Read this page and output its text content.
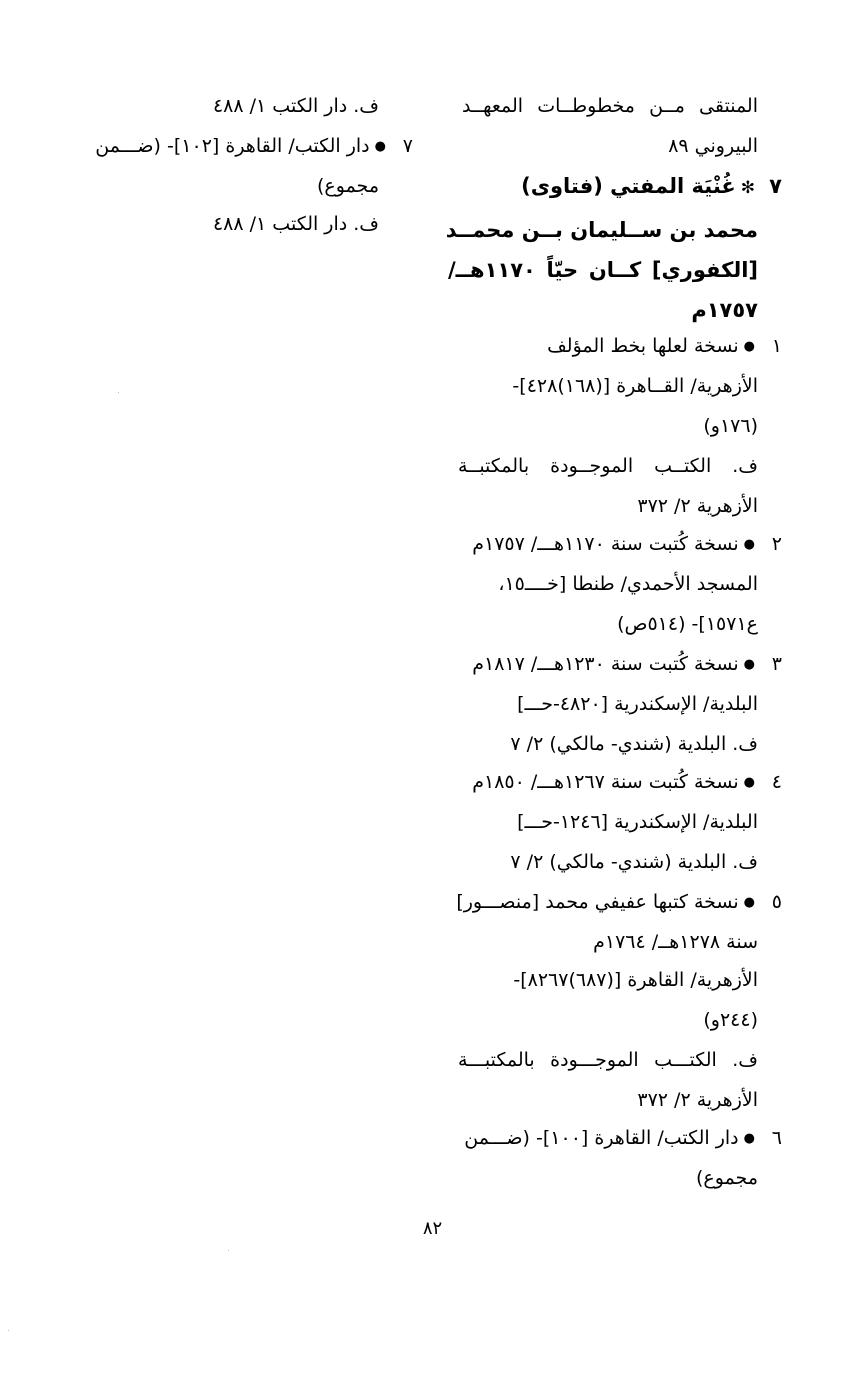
المنتقى مــن مخطوطــات المعهــد
البيروني ٨٩
٧✻غُنْيَة المفتي (فتاوى)
محمد بن ســليمان بــن محمــد
[الكفوري] كــان حيّاً ١١٧٠هــ/
١٧٥٧م
١●نسخة لعلها بخط المؤلف
الأزهرية/ القــاهرة [(١٦٨)٤٢٨]-
(١٧٦و)
ف. الكتــب الموجــودة بالمكتبــة
الأزهرية ٢/ ٣٧٢
٢●نسخة كُتبت سنة ١١٧٠هـــ/ ١٧٥٧م
المسجد الأحمدي/ طنطا [خــــ١٥،
ع١٥٧١]- (٥١٤ص)
٣●نسخة كُتبت سنة ١٢٣٠هـــ/ ١٨١٧م
البلدية/ الإسكندرية [٤٨٢٠-حـــ]
ف. البلدية (شندي- مالكي) ٢/ ٧
٤●نسخة كُتبت سنة ١٢٦٧هـــ/ ١٨٥٠م
البلدية/ الإسكندرية [١٢٤٦-حـــ]
ف. البلدية (شندي- مالكي) ٢/ ٧
٥●نسخة كتبها عفيفي محمد [منصـــور]
سنة ١٢٧٨هــ/ ١٧٦٤م
الأزهرية/ القاهرة [(٦٨٧)٨٢٦٧]-
(٢٤٤و)
ف. الكتـــب الموجـــودة بالمكتبـــة
الأزهرية ٢/ ٣٧٢
٦●دار الكتب/ القاهرة [١٠٠]- (ضـــمن
مجموع)
ف. دار الكتب ١/ ٤٨٨
٧●دار الكتب/ القاهرة [١٠٢]- (ضـــمن
مجموع)
ف. دار الكتب ١/ ٤٨٨
٨٢
